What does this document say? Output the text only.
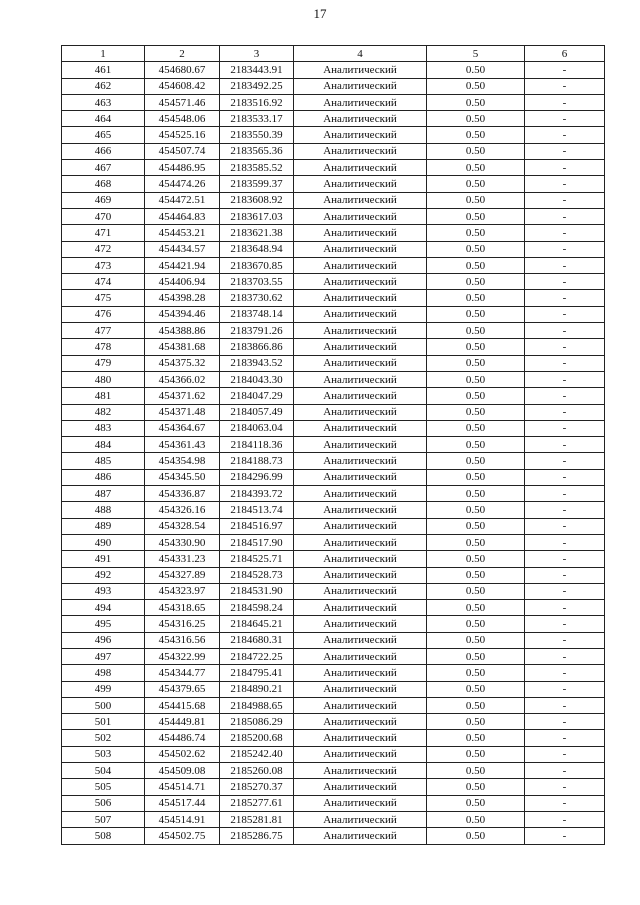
17
1	2	3	4	5	6
461	454680.67	2183443.91	Аналитический	0.50	-
462	454608.42	2183492.25	Аналитический	0.50	-
463	454571.46	2183516.92	Аналитический	0.50	-
464	454548.06	2183533.17	Аналитический	0.50	-
465	454525.16	2183550.39	Аналитический	0.50	-
466	454507.74	2183565.36	Аналитический	0.50	-
467	454486.95	2183585.52	Аналитический	0.50	-
468	454474.26	2183599.37	Аналитический	0.50	-
469	454472.51	2183608.92	Аналитический	0.50	-
470	454464.83	2183617.03	Аналитический	0.50	-
471	454453.21	2183621.38	Аналитический	0.50	-
472	454434.57	2183648.94	Аналитический	0.50	-
473	454421.94	2183670.85	Аналитический	0.50	-
474	454406.94	2183703.55	Аналитический	0.50	-
475	454398.28	2183730.62	Аналитический	0.50	-
476	454394.46	2183748.14	Аналитический	0.50	-
477	454388.86	2183791.26	Аналитический	0.50	-
478	454381.68	2183866.86	Аналитический	0.50	-
479	454375.32	2183943.52	Аналитический	0.50	-
480	454366.02	2184043.30	Аналитический	0.50	-
481	454371.62	2184047.29	Аналитический	0.50	-
482	454371.48	2184057.49	Аналитический	0.50	-
483	454364.67	2184063.04	Аналитический	0.50	-
484	454361.43	2184118.36	Аналитический	0.50	-
485	454354.98	2184188.73	Аналитический	0.50	-
486	454345.50	2184296.99	Аналитический	0.50	-
487	454336.87	2184393.72	Аналитический	0.50	-
488	454326.16	2184513.74	Аналитический	0.50	-
489	454328.54	2184516.97	Аналитический	0.50	-
490	454330.90	2184517.90	Аналитический	0.50	-
491	454331.23	2184525.71	Аналитический	0.50	-
492	454327.89	2184528.73	Аналитический	0.50	-
493	454323.97	2184531.90	Аналитический	0.50	-
494	454318.65	2184598.24	Аналитический	0.50	-
495	454316.25	2184645.21	Аналитический	0.50	-
496	454316.56	2184680.31	Аналитический	0.50	-
497	454322.99	2184722.25	Аналитический	0.50	-
498	454344.77	2184795.41	Аналитический	0.50	-
499	454379.65	2184890.21	Аналитический	0.50	-
500	454415.68	2184988.65	Аналитический	0.50	-
501	454449.81	2185086.29	Аналитический	0.50	-
502	454486.74	2185200.68	Аналитический	0.50	-
503	454502.62	2185242.40	Аналитический	0.50	-
504	454509.08	2185260.08	Аналитический	0.50	-
505	454514.71	2185270.37	Аналитический	0.50	-
506	454517.44	2185277.61	Аналитический	0.50	-
507	454514.91	2185281.81	Аналитический	0.50	-
508	454502.75	2185286.75	Аналитический	0.50	-
